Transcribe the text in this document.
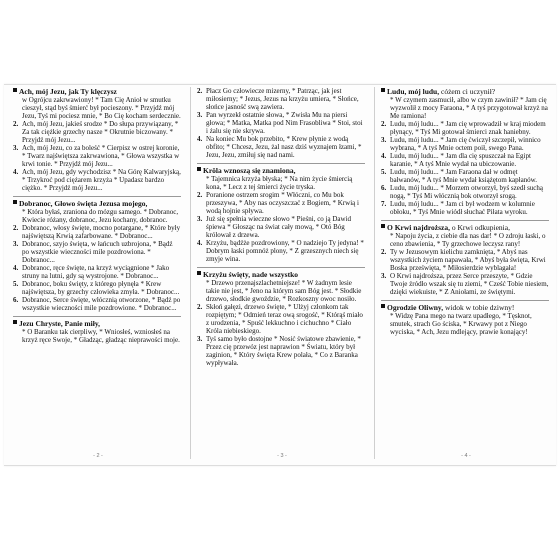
Ach, mój Jezu, jak Ty klęczysz
w Ogrójcu zakrwawiony! * Tam Cię Anioł w smutku cieszył, stąd byś śmierć był pocieszony. * Przyjdź mój Jezu, Tyś mi pociesz mnie, * Bo Cię kocham serdecznie.
2. Ach, mój Jezu, jakieś srodze * Do słupa przywiązany, * Za tak ciężkie grzechy nasze * Okrutnie biczowany. * Przyjdź mój Jezu...
3. Ach, mój Jezu, co za boleść * Cierpisz w ostrej koronie, * Twarz najświętsza zakrwawiona, * Głowa wszystka w krwi tonie. * Przyjdź mój Jezu...
4. Ach, mój Jezu, gdy wychodzisz * Na Górę Kalwaryjską, * Trzykroć pod ciężarem krzyża * Upadasz bardzo ciężko. * Przyjdź mój Jezu...
Dobranoc, Głowo święta Jezusa mojego,
* Która byłaś, zraniona do mózgu samego. * Dobranoc, Kwiecie różany, dobranoc, Jezu kochany, dobranoc.
2. Dobranoc, włosy święte, mocno potargane, * Które były najświętszą Krwią zafarbowane. * Dobranoc...
3. Dobranoc, szyjo święta, w łańcuch uzbrojona, * Bądź po wszystkie wieczności mile pozdrowiona. * Dobranoc...
4. Dobranoc, ręce święte, na krzyż wyciągnione * Jako struny na lutni, gdy są wystrojone. * Dobranoc...
5. Dobranoc, boku święty, z którego płynęła * Krew najświętsza, by grzechy człowieka zmyła. * Dobranoc...
6. Dobranoc, Serce święte, włócznią otworzone, * Bądź po wszystkie wieczności mile pozdrowione. * Dobranoc...
Jezu Chryste, Panie miły,
* O Baranku tak cierpliwy, * Wniosłeś, wzniosłeś na krzyż ręce Swoje, * Gładząc, gładząc nieprawości moje.
2. Płacz Go człowiecze mizerny, * Patrząc, jak jest miłosierny; * Jezus, Jezus na krzyżu umiera, * Słońce, słońce jasność swą zawiera.
3. Pan wyrzekł ostatnie słowa, * Zwisła Mu na piersi głowa; * Matka, Matka pod Nim Frasobliwa * Stoi, stoi i żalu się nie skrywa.
4. Na koniec Mu bok przebito, * Krew płynie z wodą obfito; * Chcesz, Jezu, żal nasz dziś wyznajem łzami, * Jezu, Jezu, zmiłuj się nad nami.
Krôla wznoszą się znamiona,
* Tajemnica krzyża błyska; * Na nim życie śmiercią kona, * Lecz z tej śmierci życie tryska.
2. Poranione ostrzem srogim * Włóczni, co Mu bok przeszywa, * Aby nas oczyszczać z Bogiem, * Krwią i wodą hojnie spływa.
3. Już się spełnia wieczne słowo * Pieśni, co ją Dawid śpiewa * Głosząc na świat cały mową, * Otó Bóg królował z drzewa.
4. Krzyżu, bądźże pozdrowiony, * O nadziejo Ty jedyna! * Dobrym łaski pomnóż plony, * Z grzesznych niech się zmyje wina.
Krzyżu święty, nade wszystko
* Drzewo przenajszlachetniejsze! * W żadnym lesie takie nie jest, * Jeno na którym sam Bóg jest. * Słodkie drzewo, słodkie gwoździe, * Rozkoszny owoc nosiło.
2. Skłoń gałęzi, drzewo święte, * Ulżyj członkom tak rozpiętym; * Odmień teraz ową srogość, * Którąś miało z urodzenia, * Spuść lekkuchno i cichuchno * Ciało Króla niebieskiego.
3. Tyś samo było dostojne * Nosić światowe zbawienie, * Przez cię przewóz jest naprawion * Światu, który był zaginion, * Który święta Krew polała, * Co z Baranka wypływała.
Ludu, mój ludu, cóżem ci uczynił?
* W czymem zasmucił, albo w czym zawinił? * Jam cię wyzwolił z mocy Faraona, * A tyś przygotował krzyż na Me ramiona!
2. Ludu, mój ludu... * Jam cię wprowadził w kraj miodem płynący, * Tyś Mi gotował śmierci znak haniebny.
3. Ludu, mój ludu... * Jam cię ćwiczył szczepił, winnico wybrana, * A tyś Mnie octem poił, swego Pana.
4. Ludu, mój ludu... * Jam dla cię spuszczał na Egipt karanie, * A tyś Mnie wydał na ubiczowanie.
5. Ludu, mój ludu... * Jam Faraona dał w odmęt bałwanów, * A tyś Mnie wydał książętom kapłanów.
6. Ludu, mój ludu... * Morzem otworzył, byś szedł suchą nogą, * Tyś Mi włócznią bok otworzył srogą.
7. Ludu, mój ludu... * Jam ci był wodzem w kolumnie obłoku, * Tyś Mnie wiódł słuchać Piłata wyroku.
O Krwi najdroższa, o Krwi odkupienia,
* Napoju życia, z ciebie dla nas dar! * O zdroju łaski, o ceno zbawienia, * Ty grzechowe leczysz rany!
2. Ty w Jezusowym kielichu zamknięta, * Abyś nas wszystkich życiem napawała, * Abyś była święta, Krwi Boska prześwięta, * Miłosierdzie wyblagała!
3. O Krwi najdroższa, przez Serce przeszyte, * Gdzie Twoje źródło wszak się tu ziemi, * Cześć Tobie niesiem, dzięki wiekuiste, * Z Aniołami, ze świętymi.
Ogrodzie Oliwny, widok w tobie dziwny!
* Widzę Pana mego na twarz upadłego, * Tęsknot, smutek, strach Go ściska, * Krwawy pot z Niego wyciska, * Ach, Jezu mdlejący, prawie konający!
- 2 -	- 3 -	- 4 -
